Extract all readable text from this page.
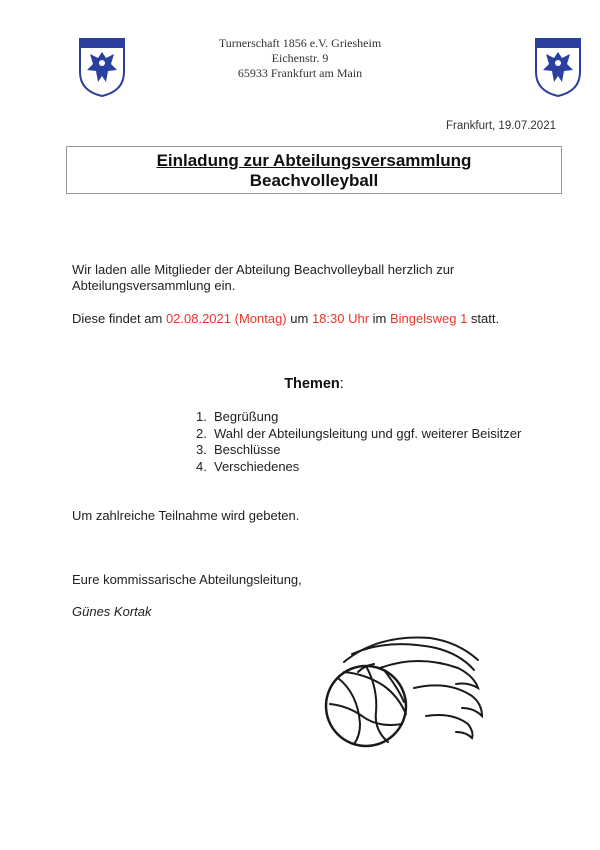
Turnerschaft 1856 e.V. Griesheim
Eichenstr. 9
65933 Frankfurt am Main
Frankfurt, 19.07.2021
Einladung zur Abteilungsversammlung
Beachvolleyball
Wir laden alle Mitglieder der Abteilung Beachvolleyball herzlich zur
Abteilungsversammlung ein.
Diese findet am 02.08.2021 (Montag) um 18:30 Uhr im Bingelsweg 1 statt.
Themen:
1. Begrüßung
2. Wahl der Abteilungsleitung und ggf. weiterer Beisitzer
3. Beschlüsse
4. Verschiedenes
Um zahlreiche Teilnahme wird gebeten.
Eure kommissarische Abteilungsleitung,
Günes Kortak
